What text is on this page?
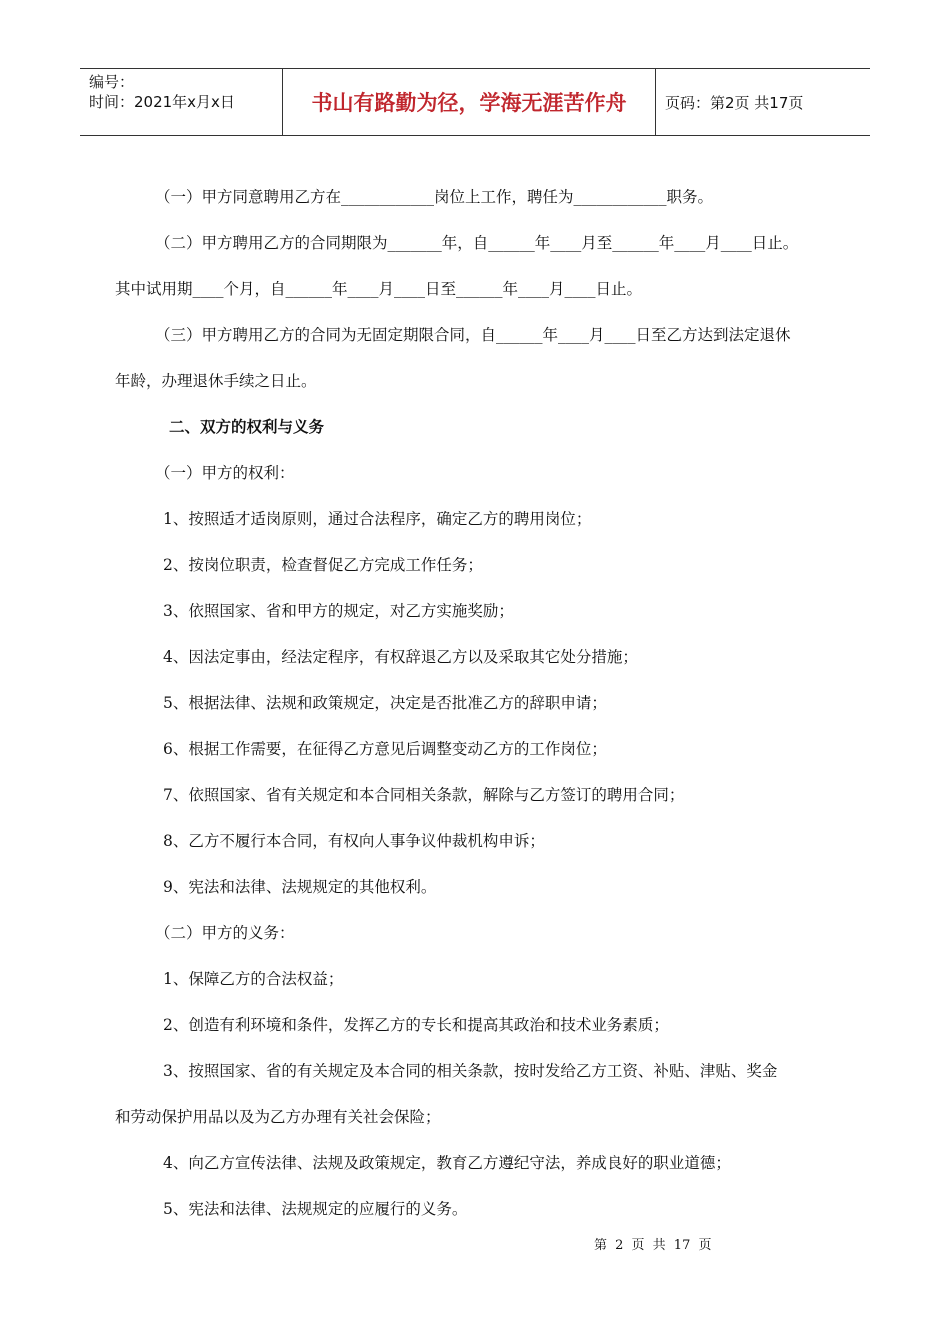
编号：
时间：2021年x月x日	书山有路勤为径，学海无涯苦作舟	页码：第2页 共17页
（一）甲方同意聘用乙方在____________岗位上工作，聘任为____________职务。
（二）甲方聘用乙方的合同期限为_______年，自______年____月至______年____月____日止。
其中试用期____个月，自______年____月____日至______年____月____日止。
（三）甲方聘用乙方的合同为无固定期限合同，自______年____月____日至乙方达到法定退休
年龄，办理退休手续之日止。
二、双方的权利与义务
（一）甲方的权利：
1、按照适才适岗原则，通过合法程序，确定乙方的聘用岗位；
2、按岗位职责，检查督促乙方完成工作任务；
3、依照国家、省和甲方的规定，对乙方实施奖励；
4、因法定事由，经法定程序，有权辞退乙方以及采取其它处分措施；
5、根据法律、法规和政策规定，决定是否批准乙方的辞职申请；
6、根据工作需要，在征得乙方意见后调整变动乙方的工作岗位；
7、依照国家、省有关规定和本合同相关条款，解除与乙方签订的聘用合同；
8、乙方不履行本合同，有权向人事争议仲裁机构申诉；
9、宪法和法律、法规规定的其他权利。
（二）甲方的义务：
1、保障乙方的合法权益；
2、创造有利环境和条件，发挥乙方的专长和提高其政治和技术业务素质；
3、按照国家、省的有关规定及本合同的相关条款，按时发给乙方工资、补贴、津贴、奖金
和劳动保护用品以及为乙方办理有关社会保险；
4、向乙方宣传法律、法规及政策规定，教育乙方遵纪守法，养成良好的职业道德；
5、宪法和法律、法规规定的应履行的义务。
第 2 页 共 17 页
